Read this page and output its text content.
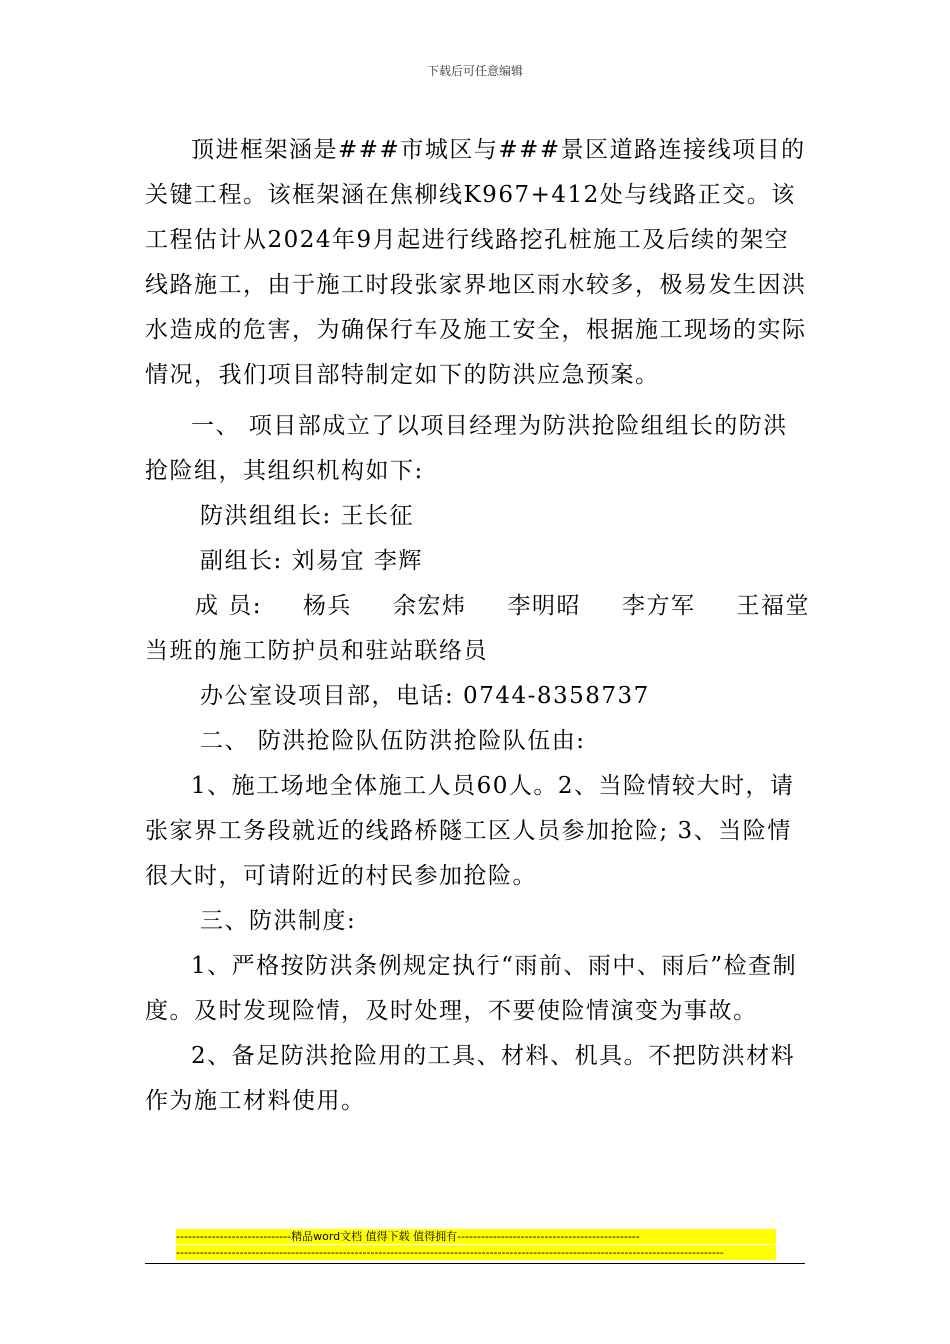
下载后可任意编辑

顶进框架涵是###市城区与###景区道路连接线项目的关键工程。该框架涵在焦柳线K967+412处与线路正交。该工程估计从2024年9月起进行线路挖孔桩施工及后续的架空线路施工，由于施工时段张家界地区雨水较多，极易发生因洪水造成的危害，为确保行车及施工安全，根据施工现场的实际情况，我们项目部特制定如下的防洪应急预案。

一、 项目部成立了以项目经理为防洪抢险组组长的防洪抢险组，其组织机构如下:

防洪组组长: 王长征

副组长: 刘易宜 李辉

成 员: 杨兵 余宏炜 李明昭 李方军 王福堂
当班的施工防护员和驻站联络员

办公室设项目部，电话: 0744-8358737

二、 防洪抢险队伍防洪抢险队伍由:

1、施工场地全体施工人员60人。2、当险情较大时，请张家界工务段就近的线路桥隧工区人员参加抢险; 3、当险情很大时，可请附近的村民参加抢险。

三、防洪制度:

1、严格按防洪条例规定执行“雨前、雨中、雨后”检查制度。及时发现险情，及时处理，不要使险情演变为事故。

2、备足防洪抢险用的工具、材料、机具。不把防洪材料作为施工材料使用。

-----------------------------精品word文档 值得下载 值得拥有----------------------------------------------
------------------------------------------------------------------------------------------------------------------------------------------
